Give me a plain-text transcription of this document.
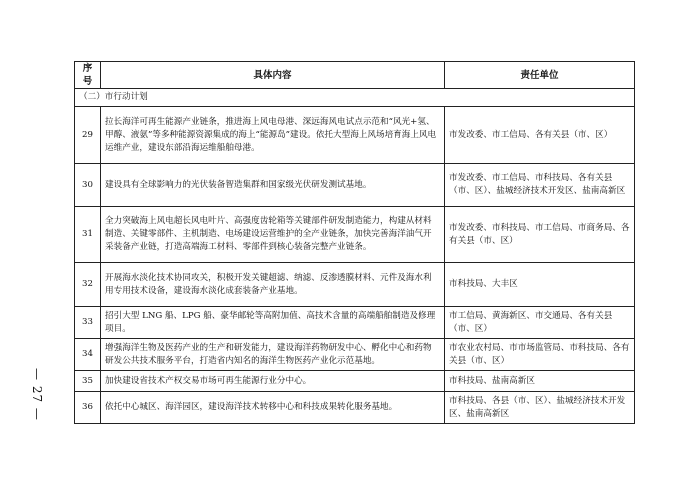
— 27 —
序号	具体内容	责任单位
（二）市行动计划		
29	拉长海洋可再生能源产业链条，推进海上风电母港、深远海风电试点示范和“风光+氢、甲醇、液氨”等多种能源资源集成的海上“能源岛”建设。依托大型海上风场培育海上风电运维产业，建设东部沿海运维船舶母港。	市发改委、市工信局、各有关县（市、区）
30	建设具有全球影响力的光伏装备智造集群和国家级光伏研发测试基地。	市发改委、市工信局、市科技局、各有关县（市、区）、盐城经济技术开发区、盐南高新区
31	全力突破海上风电超长风电叶片、高强度齿轮箱等关键部件研发制造能力，构建从材料制造、关键零部件、主机制造、电场建设运营维护的全产业链条，加快完善海洋油气开采装备产业链，打造高端海工材料、零部件到核心装备完整产业链条。	市发改委、市科技局、市工信局、市商务局、各有关县（市、区）
32	开展海水淡化技术协同攻关，积极开发关键超滤、纳滤、反渗透膜材料、元件及海水利用专用技术设备，建设海水淡化成套装备产业基地。	市科技局、大丰区
33	招引大型 LNG 船、LPG 船、豪华邮轮等高附加值、高技术含量的高端船舶制造及修理项目。	市工信局、黄海新区、市交通局、各有关县（市、区）
34	增强海洋生物及医药产业的生产和研发能力，建设海洋药物研发中心、孵化中心和药物研发公共技术服务平台，打造省内知名的海洋生物医药产业化示范基地。	市农业农村局、市市场监管局、市科技局、各有关县（市、区）
35	加快建设省技术产权交易市场可再生能源行业分中心。	市科技局、盐南高新区
36	依托中心城区、海洋园区，建设海洋技术转移中心和科技成果转化服务基地。	市科技局、各县（市、区）、盐城经济技术开发区、盐南高新区
